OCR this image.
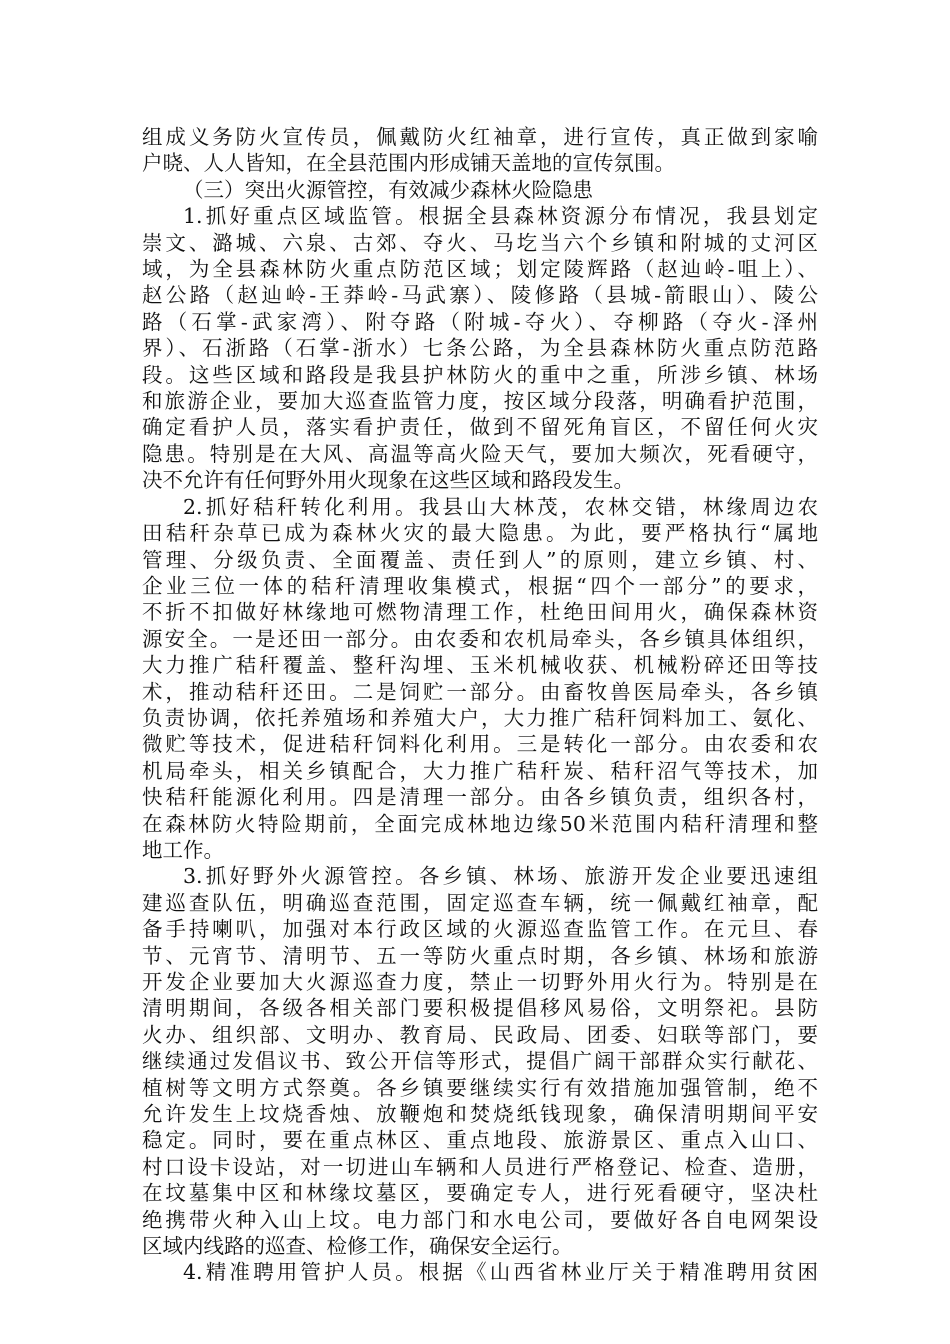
组成义务防火宣传员，佩戴防火红袖章，进行宣传，真正做到家喻
户晓、人人皆知，在全县范围内形成铺天盖地的宣传氛围。

（三）突出火源管控，有效减少森林火险隐患

1.抓好重点区域监管。根据全县森林资源分布情况，我县划定
崇文、潞城、六泉、古郊、夺火、马圪当六个乡镇和附城的丈河区
域，为全县森林防火重点防范区域；划定陵辉路（赵辿岭-咀上）、
赵公路（赵辿岭-王莽岭-马武寨）、陵修路（县城-箭眼山）、陵公
路（石掌-武家湾）、附夺路（附城-夺火）、夺柳路（夺火-泽州
界）、石浙路（石掌-浙水）七条公路，为全县森林防火重点防范路
段。这些区域和路段是我县护林防火的重中之重，所涉乡镇、林场
和旅游企业，要加大巡查监管力度，按区域分段落，明确看护范围，
确定看护人员，落实看护责任，做到不留死角盲区，不留任何火灾
隐患。特别是在大风、高温等高火险天气，要加大频次，死看硬守，
决不允许有任何野外用火现象在这些区域和路段发生。

2.抓好秸秆转化利用。我县山大林茂，农林交错，林缘周边农
田秸秆杂草已成为森林火灾的最大隐患。为此，要严格执行“属地
管理、分级负责、全面覆盖、责任到人”的原则，建立乡镇、村、
企业三位一体的秸秆清理收集模式，根据“四个一部分”的要求，
不折不扣做好林缘地可燃物清理工作，杜绝田间用火，确保森林资
源安全。一是还田一部分。由农委和农机局牵头，各乡镇具体组织，
大力推广秸秆覆盖、整秆沟埋、玉米机械收获、机械粉碎还田等技
术，推动秸秆还田。二是饲贮一部分。由畜牧兽医局牵头，各乡镇
负责协调，依托养殖场和养殖大户，大力推广秸秆饲料加工、氨化、
微贮等技术，促进秸秆饲料化利用。三是转化一部分。由农委和农
机局牵头，相关乡镇配合，大力推广秸秆炭、秸秆沼气等技术，加
快秸秆能源化利用。四是清理一部分。由各乡镇负责，组织各村，
在森林防火特险期前，全面完成林地边缘50米范围内秸秆清理和整
地工作。

3.抓好野外火源管控。各乡镇、林场、旅游开发企业要迅速组
建巡查队伍，明确巡查范围，固定巡查车辆，统一佩戴红袖章，配
备手持喇叭，加强对本行政区域的火源巡查监管工作。在元旦、春
节、元宵节、清明节、五一等防火重点时期，各乡镇、林场和旅游
开发企业要加大火源巡查力度，禁止一切野外用火行为。特别是在
清明期间，各级各相关部门要积极提倡移风易俗，文明祭祀。县防
火办、组织部、文明办、教育局、民政局、团委、妇联等部门，要
继续通过发倡议书、致公开信等形式，提倡广阔干部群众实行献花、
植树等文明方式祭奠。各乡镇要继续实行有效措施加强管制，绝不
允许发生上坟烧香烛、放鞭炮和焚烧纸钱现象，确保清明期间平安
稳定。同时，要在重点林区、重点地段、旅游景区、重点入山口、
村口设卡设站，对一切进山车辆和人员进行严格登记、检查、造册，
在坟墓集中区和林缘坟墓区，要确定专人，进行死看硬守，坚决杜
绝携带火种入山上坟。电力部门和水电公司，要做好各自电网架设
区域内线路的巡查、检修工作，确保安全运行。

4.精准聘用管护人员。根据《山西省林业厅关于精准聘用贫困
